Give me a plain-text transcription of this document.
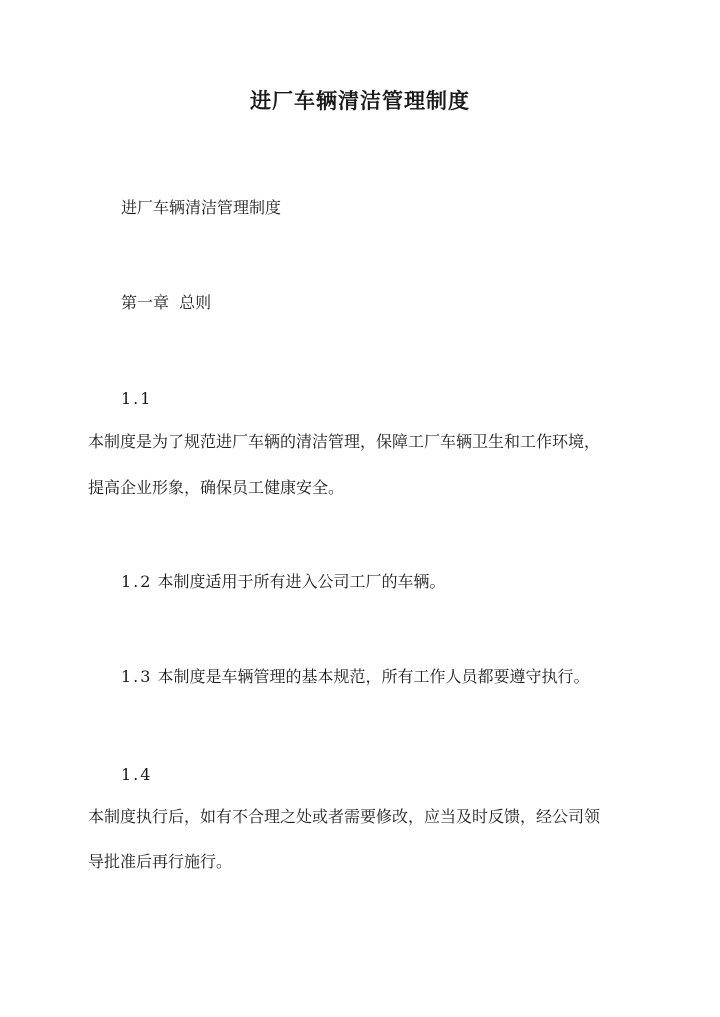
进厂车辆清洁管理制度
进厂车辆清洁管理制度
第一章  总则
1.1
本制度是为了规范进厂车辆的清洁管理，保障工厂车辆卫生和工作环境，
提高企业形象，确保员工健康安全。
1.2 本制度适用于所有进入公司工厂的车辆。
1.3 本制度是车辆管理的基本规范，所有工作人员都要遵守执行。
1.4
本制度执行后，如有不合理之处或者需要修改，应当及时反馈，经公司领
导批准后再行施行。
